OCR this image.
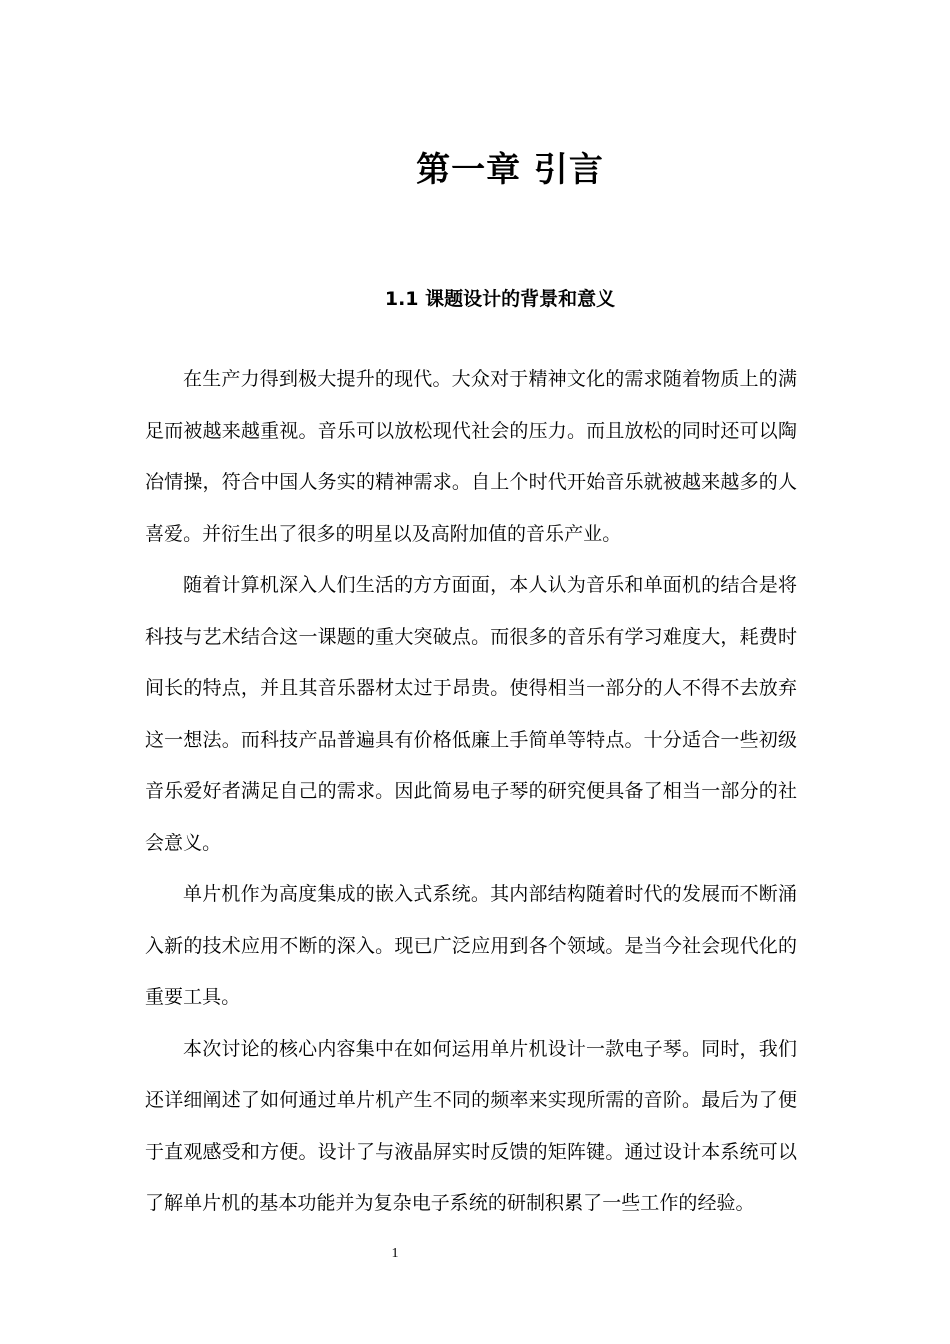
第一章 引言
1.1 课题设计的背景和意义

在生产力得到极大提升的现代。大众对于精神文化的需求随着物质上的满足而被越来越重视。音乐可以放松现代社会的压力。而且放松的同时还可以陶冶情操，符合中国人务实的精神需求。自上个时代开始音乐就被越来越多的人喜爱。并衍生出了很多的明星以及高附加值的音乐产业。

随着计算机深入人们生活的方方面面，本人认为音乐和单面机的结合是将科技与艺术结合这一课题的重大突破点。而很多的音乐有学习难度大，耗费时间长的特点，并且其音乐器材太过于昂贵。使得相当一部分的人不得不去放弃这一想法。而科技产品普遍具有价格低廉上手简单等特点。十分适合一些初级音乐爱好者满足自己的需求。因此简易电子琴的研究便具备了相当一部分的社会意义。

单片机作为高度集成的嵌入式系统。其内部结构随着时代的发展而不断涌入新的技术应用不断的深入。现已广泛应用到各个领域。是当今社会现代化的重要工具。

本次讨论的核心内容集中在如何运用单片机设计一款电子琴。同时，我们还详细阐述了如何通过单片机产生不同的频率来实现所需的音阶。最后为了便于直观感受和方便。设计了与液晶屏实时反馈的矩阵键。通过设计本系统可以了解单片机的基本功能并为复杂电子系统的研制积累了一些工作的经验。

1
